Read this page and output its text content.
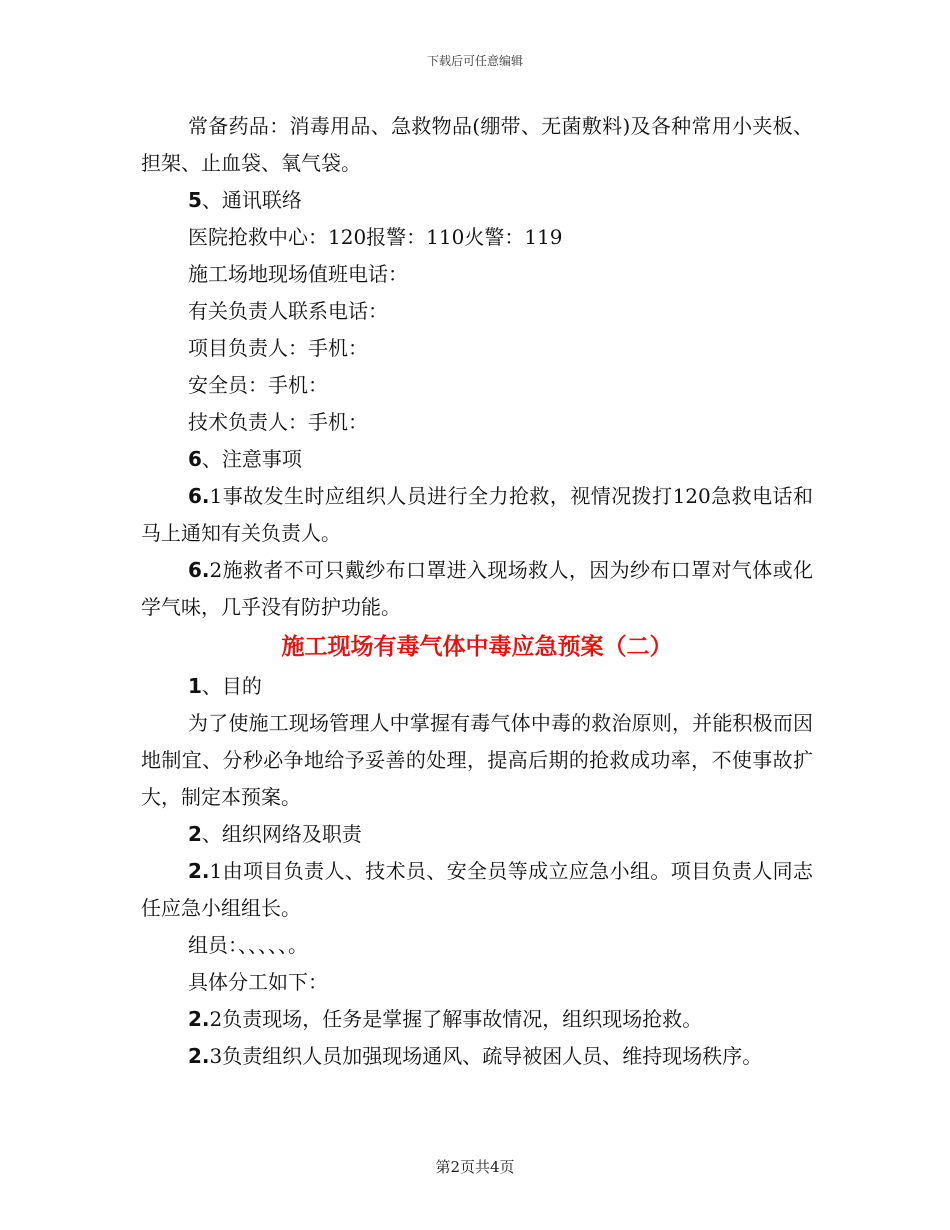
下载后可任意编辑

常备药品：消毒用品、急救物品(绷带、无菌敷料)及各种常用小夹板、担架、止血袋、氧气袋。

5、通讯联络

医院抢救中心：120报警：110火警：119

施工场地现场值班电话：

有关负责人联系电话：

项目负责人：手机：

安全员：手机：

技术负责人：手机：

6、注意事项

6.1事故发生时应组织人员进行全力抢救，视情况拨打120急救电话和马上通知有关负责人。

6.2施救者不可只戴纱布口罩进入现场救人，因为纱布口罩对气体或化学气味，几乎没有防护功能。

施工现场有毒气体中毒应急预案（二）

1、目的

为了使施工现场管理人中掌握有毒气体中毒的救治原则，并能积极而因地制宜、分秒必争地给予妥善的处理，提高后期的抢救成功率，不使事故扩大，制定本预案。

2、组织网络及职责

2.1由项目负责人、技术员、安全员等成立应急小组。项目负责人同志任应急小组组长。

组员：、、、、、。

具体分工如下：

2.2负责现场，任务是掌握了解事故情况，组织现场抢救。

2.3负责组织人员加强现场通风、疏导被困人员、维持现场秩序。

第2页共4页
